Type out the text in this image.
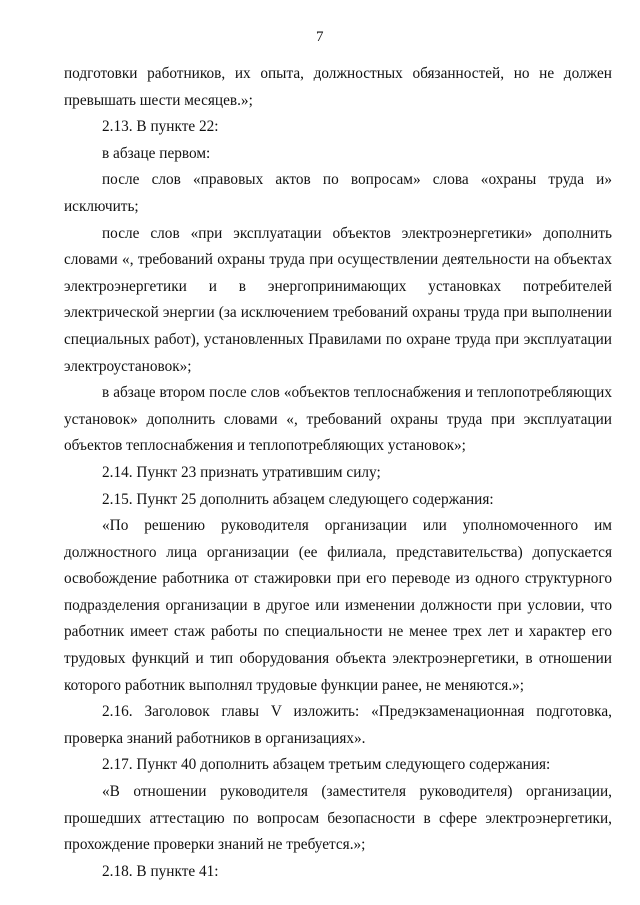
7

подготовки работников, их опыта, должностных обязанностей, но не должен превышать шести месяцев.»;

2.13. В пункте 22:

в абзаце первом:

после слов «правовых актов по вопросам» слова «охраны труда и» исключить;

после слов «при эксплуатации объектов электроэнергетики» дополнить словами «, требований охраны труда при осуществлении деятельности на объектах электроэнергетики и в энергопринимающих установках потребителей электрической энергии (за исключением требований охраны труда при выполнении специальных работ), установленных Правилами по охране труда при эксплуатации электроустановок»;

в абзаце втором после слов «объектов теплоснабжения и теплопотребляющих установок» дополнить словами «, требований охраны труда при эксплуатации объектов теплоснабжения и теплопотребляющих установок»;

2.14. Пункт 23 признать утратившим силу;

2.15. Пункт 25 дополнить абзацем следующего содержания:

«По решению руководителя организации или уполномоченного им должностного лица организации (ее филиала, представительства) допускается освобождение работника от стажировки при его переводе из одного структурного подразделения организации в другое или изменении должности при условии, что работник имеет стаж работы по специальности не менее трех лет и характер его трудовых функций и тип оборудования объекта электроэнергетики, в отношении которого работник выполнял трудовые функции ранее, не меняются.»;

2.16. Заголовок главы V изложить: «Предэкзаменационная подготовка, проверка знаний работников в организациях».

2.17. Пункт 40 дополнить абзацем третьим следующего содержания:

«В отношении руководителя (заместителя руководителя) организации, прошедших аттестацию по вопросам безопасности в сфере электроэнергетики, прохождение проверки знаний не требуется.»;

2.18. В пункте 41:
